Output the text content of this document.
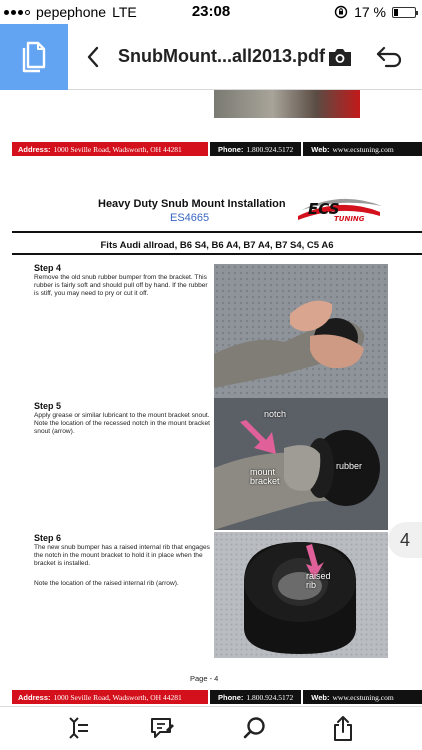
pepephone LTE	23:08	17 %
SnubMount...all2013.pdf
Address: 1000 Seville Road, Wadsworth, OH 44281	Phone: 1.800.924.5172 Web: www.ecstuning.com
Heavy Duty Snub Mount Installation
ES4665	ECS
TUNING
Fits Audi allroad, B6 S4, B6 A4, B7 A4, B7 S4, C5 A6
Step 4
Remove the old snub rubber bumper from the bracket. This rubber is fairly soft and should pull off by hand. If the rubber is stiff, you may need to pry or cut it off.
Step 5
Apply grease or similar lubricant to the mount bracket snout. Note the location of the recessed notch in the mount bracket snout (arrow).
notch
rubber
mount bracket
Step 6
The new snub bumper has a raised internal rib that engages the notch in the mount bracket to hold it in place when the bracket is installed.
Note the location of the raised internal rib (arrow).
raised rib
Page - 4
Address: 1000 Seville Road, Wadsworth, OH 44281	Phone: 1.800.924.5172 Web: www.ecstuning.com
4
